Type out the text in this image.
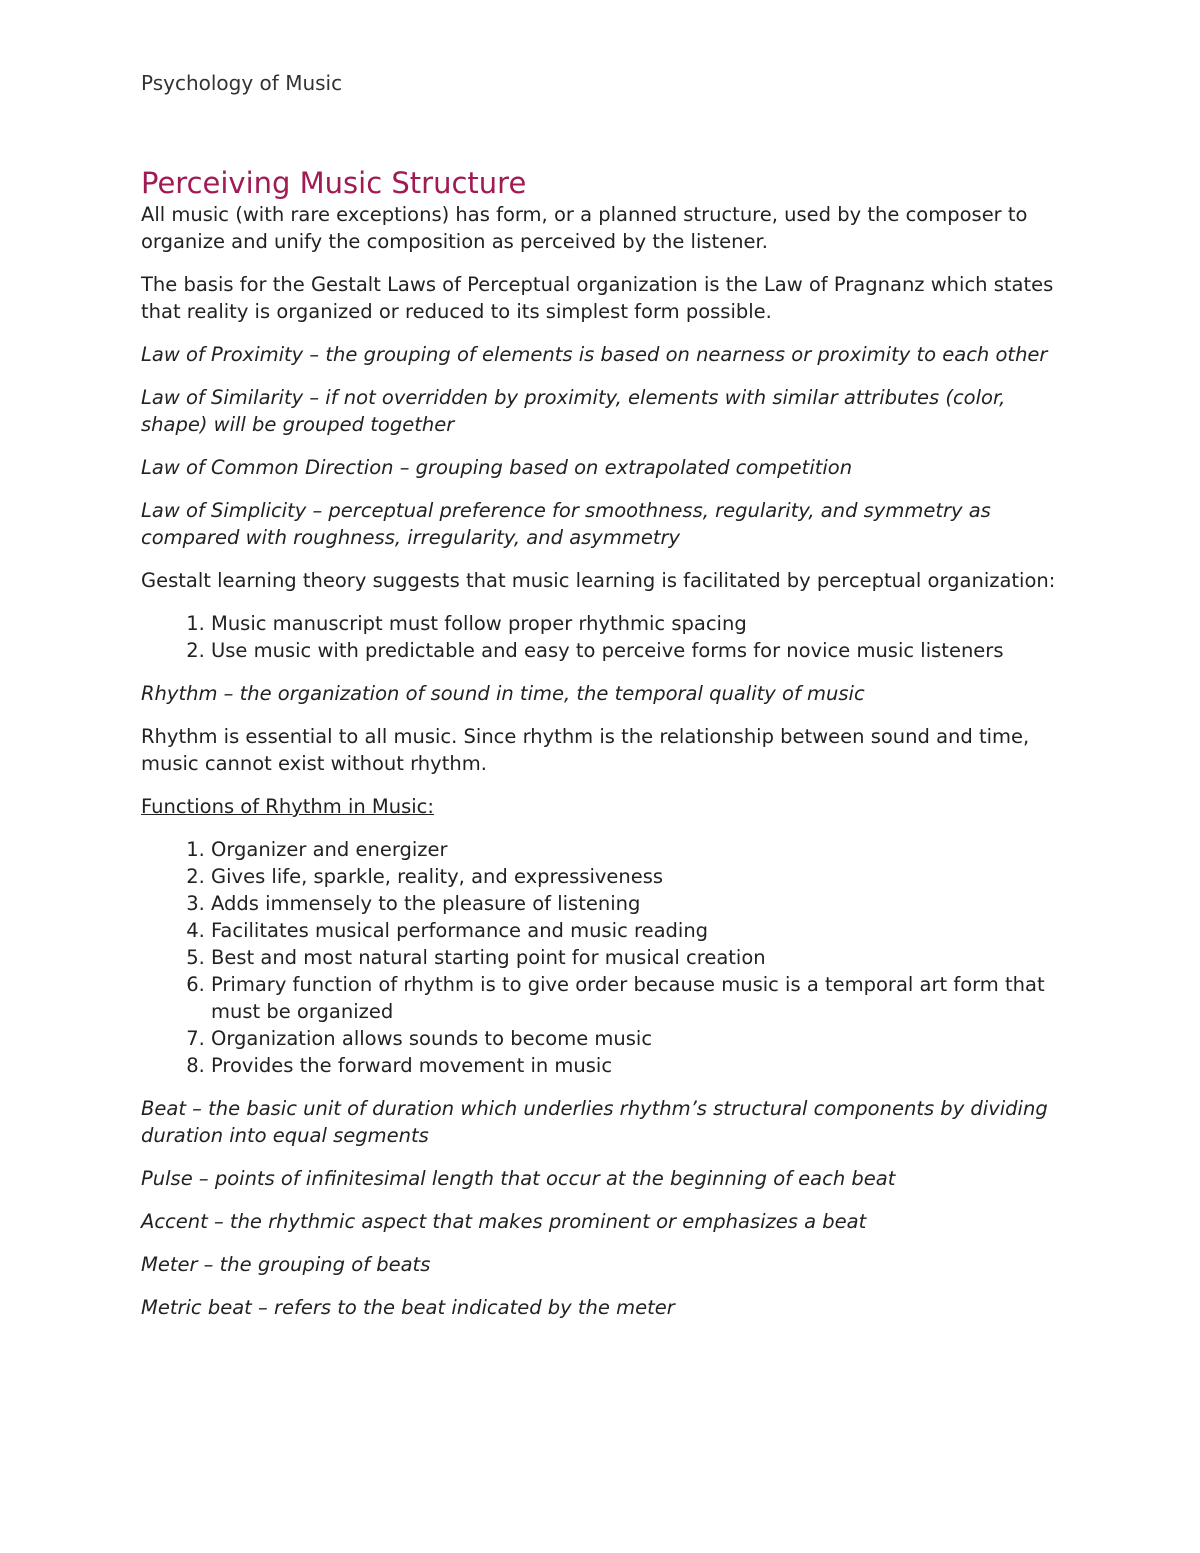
Psychology of Music

Perceiving Music Structure

All music (with rare exceptions) has form, or a planned structure, used by the composer to organize and unify the composition as perceived by the listener.

The basis for the Gestalt Laws of Perceptual organization is the Law of Pragnanz which states that reality is organized or reduced to its simplest form possible.

Law of Proximity – the grouping of elements is based on nearness or proximity to each other

Law of Similarity – if not overridden by proximity, elements with similar attributes (color, shape) will be grouped together

Law of Common Direction – grouping based on extrapolated competition

Law of Simplicity – perceptual preference for smoothness, regularity, and symmetry as compared with roughness, irregularity, and asymmetry

Gestalt learning theory suggests that music learning is facilitated by perceptual organization:

1. Music manuscript must follow proper rhythmic spacing
2. Use music with predictable and easy to perceive forms for novice music listeners

Rhythm – the organization of sound in time, the temporal quality of music

Rhythm is essential to all music. Since rhythm is the relationship between sound and time, music cannot exist without rhythm.

Functions of Rhythm in Music:

1. Organizer and energizer
2. Gives life, sparkle, reality, and expressiveness
3. Adds immensely to the pleasure of listening
4. Facilitates musical performance and music reading
5. Best and most natural starting point for musical creation
6. Primary function of rhythm is to give order because music is a temporal art form that must be organized
7. Organization allows sounds to become music
8. Provides the forward movement in music

Beat – the basic unit of duration which underlies rhythm’s structural components by dividing duration into equal segments

Pulse – points of infinitesimal length that occur at the beginning of each beat

Accent – the rhythmic aspect that makes prominent or emphasizes a beat

Meter – the grouping of beats

Metric beat – refers to the beat indicated by the meter
